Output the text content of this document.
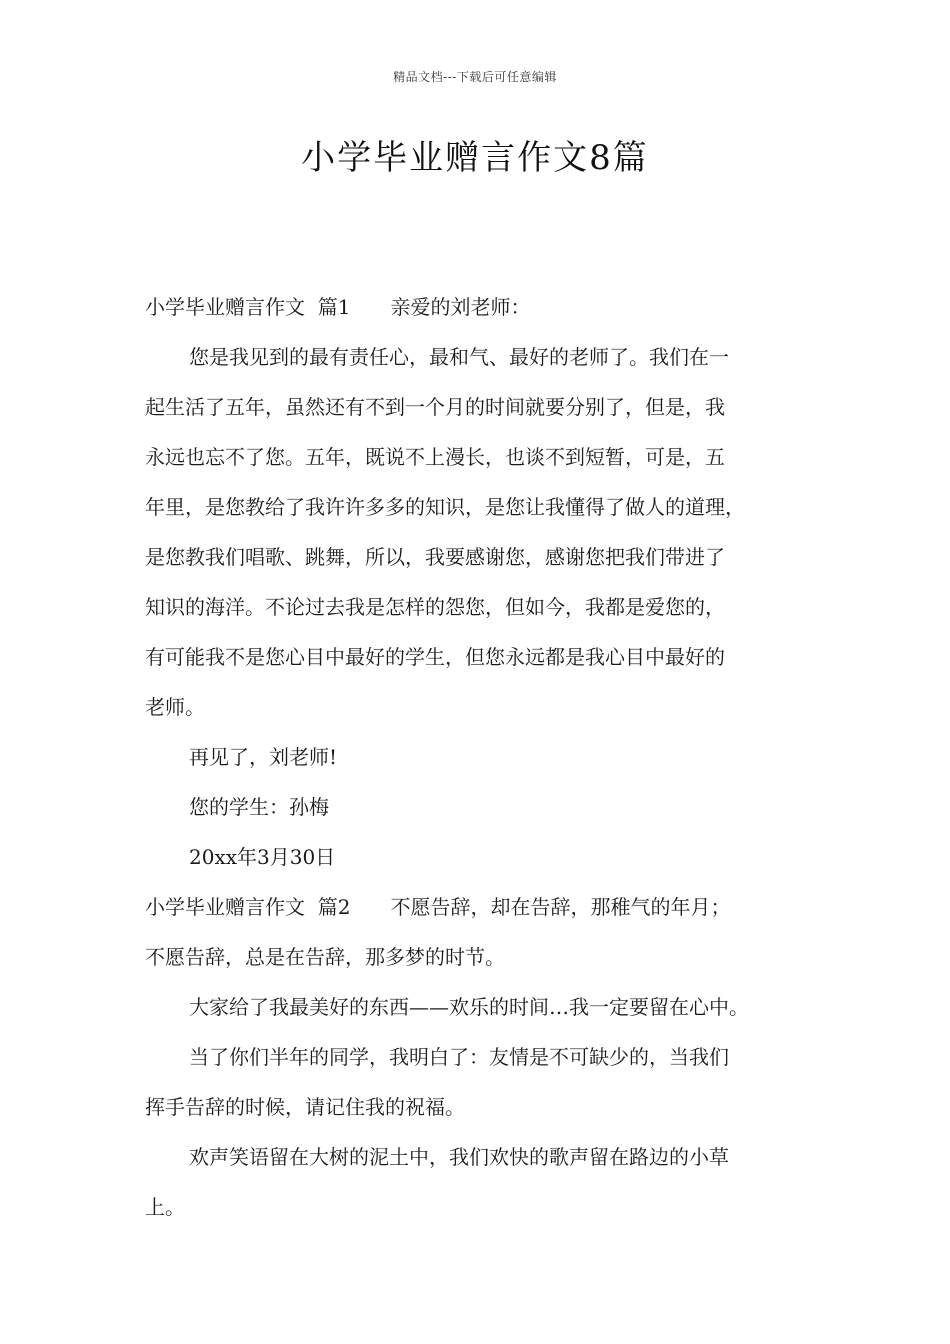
精品文档---下载后可任意编辑
小学毕业赠言作文8篇
小学毕业赠言作文  篇1 亲爱的刘老师：
您是我见到的最有责任心，最和气、最好的老师了。我们在一
起生活了五年，虽然还有不到一个月的时间就要分别了，但是，我
永远也忘不了您。五年，既说不上漫长，也谈不到短暂，可是，五
年里，是您教给了我许许多多的知识，是您让我懂得了做人的道理，
是您教我们唱歌、跳舞，所以，我要感谢您，感谢您把我们带进了
知识的海洋。不论过去我是怎样的怨您，但如今，我都是爱您的，
有可能我不是您心目中最好的学生，但您永远都是我心目中最好的
老师。
再见了，刘老师!
您的学生：孙梅
20xx年3月30日
小学毕业赠言作文  篇2 不愿告辞，却在告辞，那稚气的年月；
不愿告辞，总是在告辞，那多梦的时节。
大家给了我最美好的东西——欢乐的时间…我一定要留在心中。
当了你们半年的同学，我明白了：友情是不可缺少的，当我们
挥手告辞的时候，请记住我的祝福。
欢声笑语留在大树的泥土中，我们欢快的歌声留在路边的小草
上。
